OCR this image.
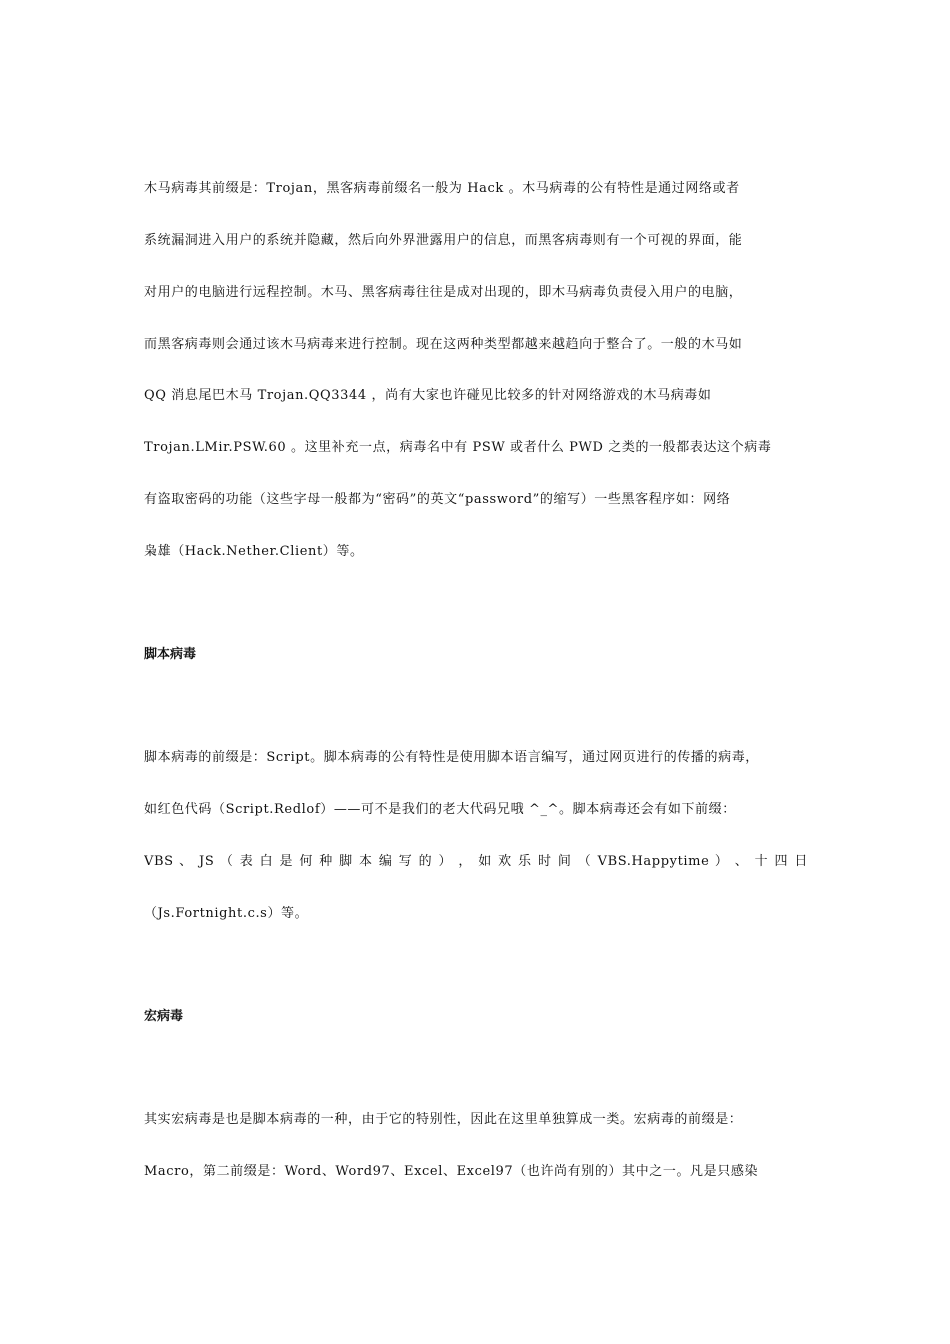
木马病毒其前缀是：Trojan，黑客病毒前缀名一般为 Hack 。木马病毒的公有特性是通过网络或者
系统漏洞进入用户的系统并隐藏，然后向外界泄露用户的信息，而黑客病毒则有一个可视的界面，能
对用户的电脑进行远程控制。木马、黑客病毒往往是成对出现的，即木马病毒负责侵入用户的电脑，
而黑客病毒则会通过该木马病毒来进行控制。现在这两种类型都越来越趋向于整合了。一般的木马如
QQ 消息尾巴木马 Trojan.QQ3344 ，尚有大家也许碰见比较多的针对网络游戏的木马病毒如
Trojan.LMir.PSW.60 。这里补充一点，病毒名中有 PSW 或者什么 PWD 之类的一般都表达这个病毒
有盗取密码的功能（这些字母一般都为“密码”的英文“password”的缩写）一些黑客程序如：网络
枭雄（Hack.Nether.Client）等。
脚本病毒
脚本病毒的前缀是：Script。脚本病毒的公有特性是使用脚本语言编写，通过网页进行的传播的病毒，
如红色代码（Script.Redlof）——可不是我们的老大代码兄哦 ^_^。脚本病毒还会有如下前缀：
VBS 、 JS （ 表 白 是 何 种 脚 本 编 写 的 ） ， 如 欢 乐 时 间 （ VBS.Happytime ） 、 十 四 日
（Js.Fortnight.c.s）等。
宏病毒
其实宏病毒是也是脚本病毒的一种，由于它的特别性，因此在这里单独算成一类。宏病毒的前缀是：
Macro，第二前缀是：Word、Word97、Excel、Excel97（也许尚有别的）其中之一。凡是只感染
